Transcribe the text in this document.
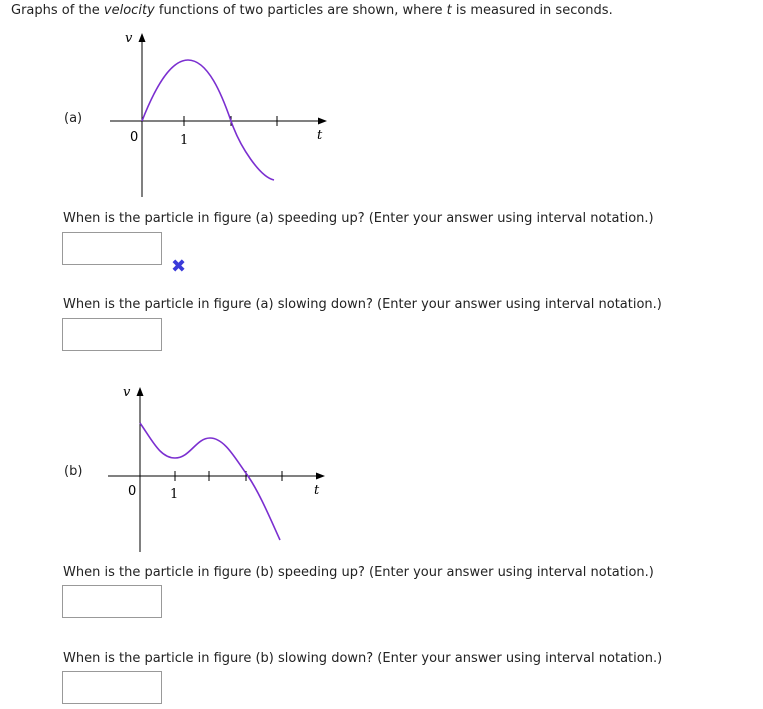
Graphs of the velocity functions of two particles are shown, where t is measured in seconds.
(a)
v
0	1	t
When is the particle in figure (a) speeding up? (Enter your answer using interval notation.)
✖
When is the particle in figure (a) slowing down? (Enter your answer using interval notation.)
(b)
v
0	1	t
When is the particle in figure (b) speeding up? (Enter your answer using interval notation.)
When is the particle in figure (b) slowing down? (Enter your answer using interval notation.)
